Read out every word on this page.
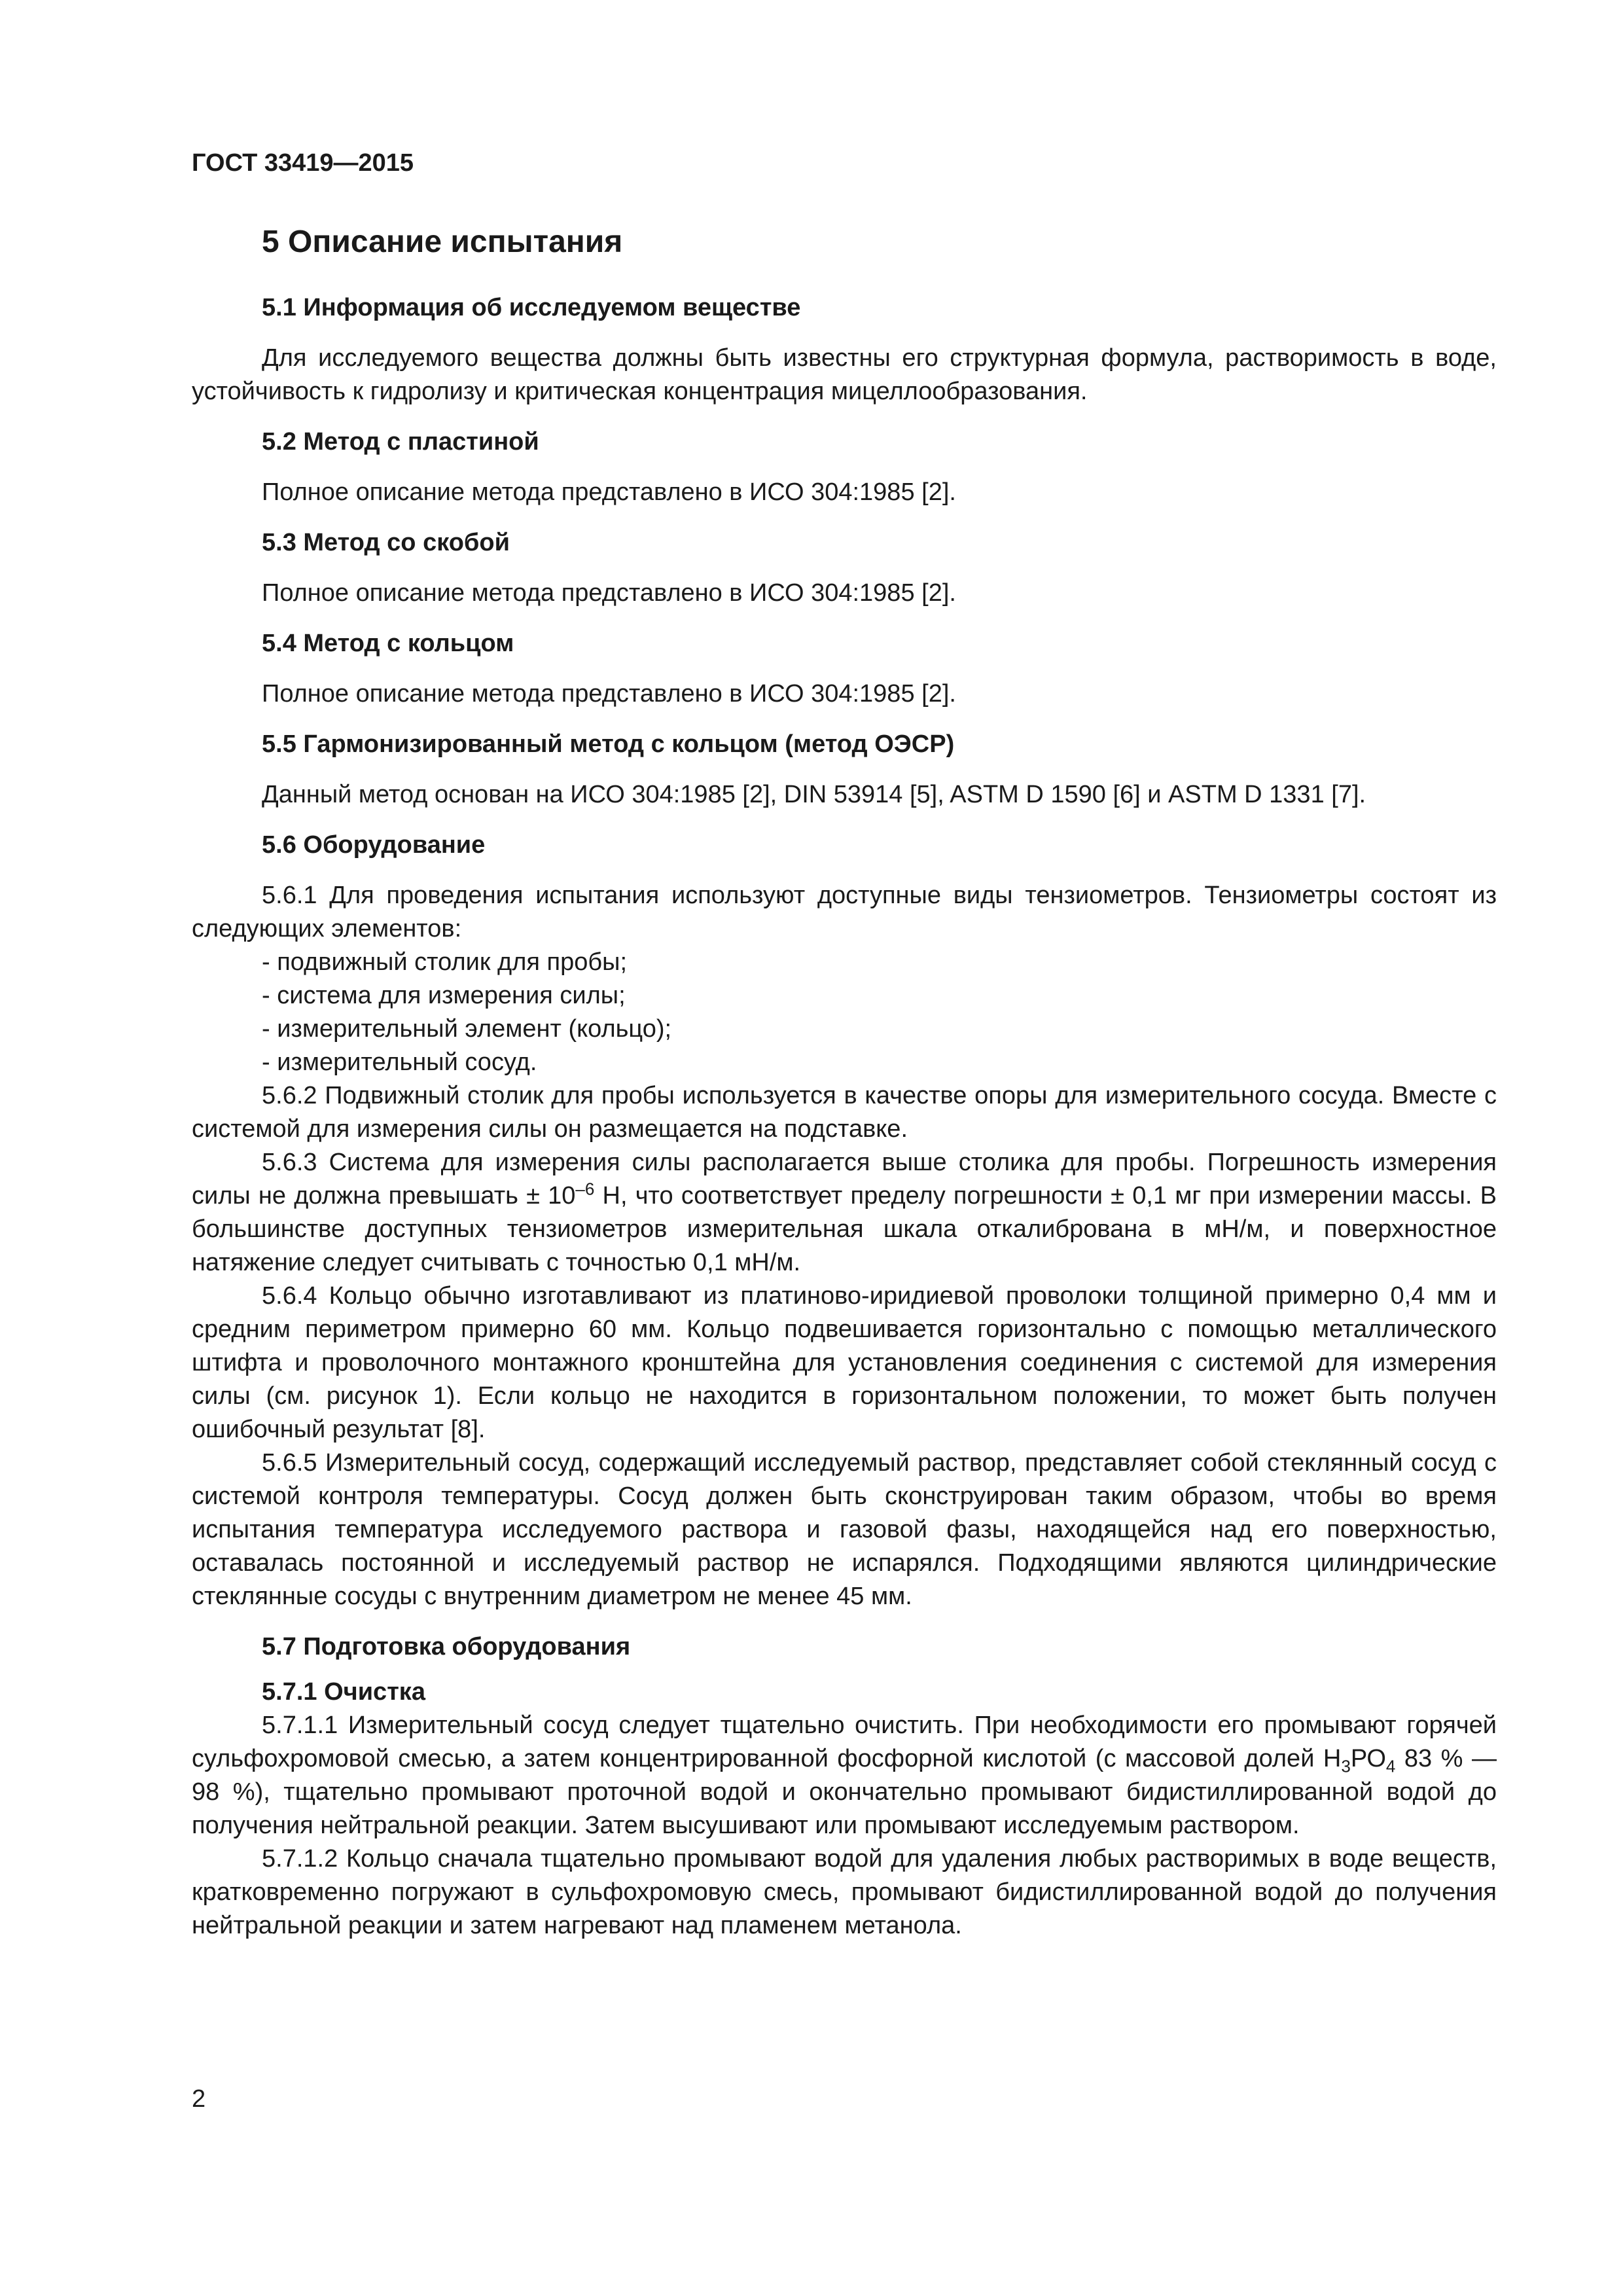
ГОСТ 33419—2015
5 Описание испытания

5.1 Информация об исследуемом веществе

Для исследуемого вещества должны быть известны его структурная формула, растворимость в воде, устойчивость к гидролизу и критическая концентрация мицеллообразования.

5.2 Метод с пластиной

Полное описание метода представлено в ИСО 304:1985 [2].

5.3 Метод со скобой

Полное описание метода представлено в ИСО 304:1985 [2].

5.4 Метод с кольцом

Полное описание метода представлено в ИСО 304:1985 [2].

5.5 Гармонизированный метод с кольцом (метод ОЭСР)

Данный метод основан на ИСО 304:1985 [2], DIN 53914 [5], ASTM D 1590 [6] и ASTM D 1331 [7].

5.6 Оборудование

5.6.1 Для проведения испытания используют доступные виды тензиометров. Тензиометры состоят из следующих элементов:

- подвижный столик для пробы;

- система для измерения силы;

- измерительный элемент (кольцо);

- измерительный сосуд.

5.6.2 Подвижный столик для пробы используется в качестве опоры для измерительного сосуда. Вместе с системой для измерения силы он размещается на подставке.

5.6.3 Система для измерения силы располагается выше столика для пробы. Погрешность измерения силы не должна превышать ± $10^{-6}$ Н, что соответствует пределу погрешности ± 0,1 мг при измерении массы. В большинстве доступных тензиометров измерительная шкала откалибрована в мН/м, и поверхностное натяжение следует считывать с точностью 0,1 мН/м.

5.6.4 Кольцо обычно изготавливают из платиново-иридиевой проволоки толщиной примерно 0,4 мм и средним периметром примерно 60 мм. Кольцо подвешивается горизонтально с помощью металлического штифта и проволочного монтажного кронштейна для установления соединения с системой для измерения силы (см. рисунок 1). Если кольцо не находится в горизонтальном положении, то может быть получен ошибочный результат [8].

5.6.5 Измерительный сосуд, содержащий исследуемый раствор, представляет собой стеклянный сосуд с системой контроля температуры. Сосуд должен быть сконструирован таким образом, чтобы во время испытания температура исследуемого раствора и газовой фазы, находящейся над его поверхностью, оставалась постоянной и исследуемый раствор не испарялся. Подходящими являются цилиндрические стеклянные сосуды с внутренним диаметром не менее 45 мм.

5.7 Подготовка оборудования

5.7.1 Очистка

5.7.1.1 Измерительный сосуд следует тщательно очистить. При необходимости его промывают горячей сульфохромовой смесью, а затем концентрированной фосфорной кислотой (с массовой долей $Н_3РО_4$ 83 % — 98 %), тщательно промывают проточной водой и окончательно промывают бидистиллированной водой до получения нейтральной реакции. Затем высушивают или промывают исследуемым раствором.

5.7.1.2 Кольцо сначала тщательно промывают водой для удаления любых растворимых в воде веществ, кратковременно погружают в сульфохромовую смесь, промывают бидистиллированной водой до получения нейтральной реакции и затем нагревают над пламенем метанола.

2
